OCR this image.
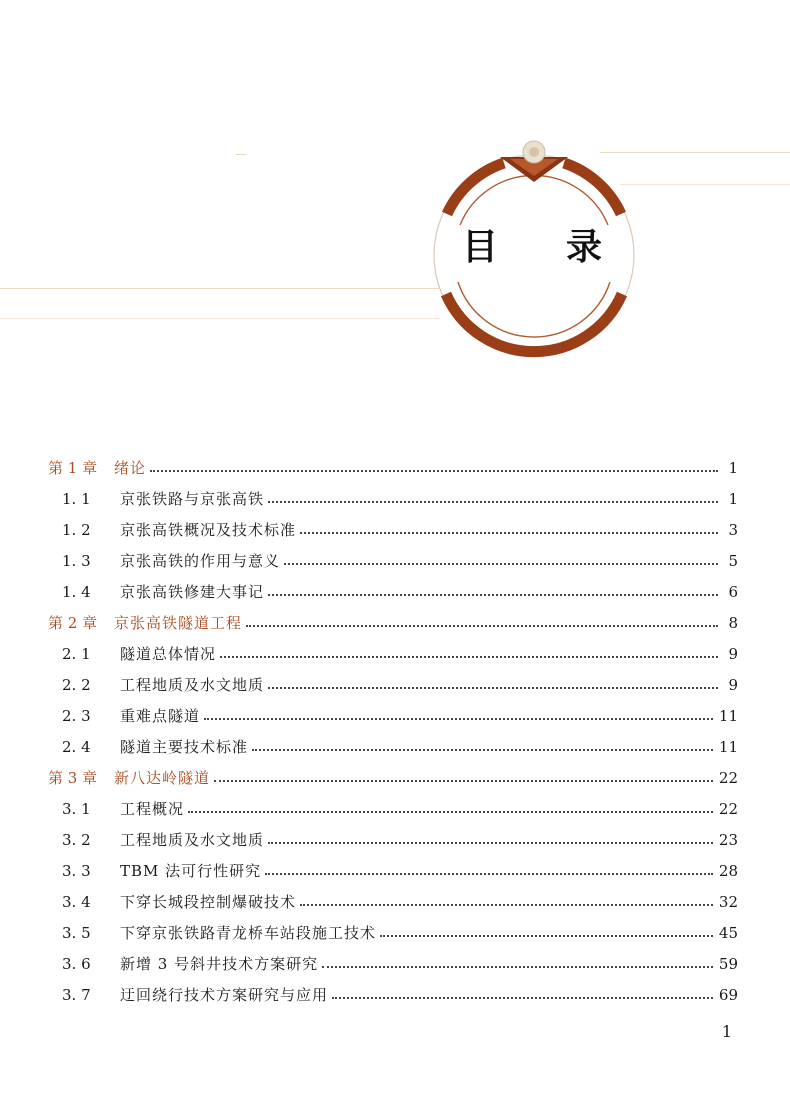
目 录
第 1 章	绪论	1
1. 1	京张铁路与京张高铁	1
1. 2	京张高铁概况及技术标准	3
1. 3	京张高铁的作用与意义	5
1. 4	京张高铁修建大事记	6
第 2 章	京张高铁隧道工程	8
2. 1	隧道总体情况	9
2. 2	工程地质及水文地质	9
2. 3	重难点隧道	11
2. 4	隧道主要技术标准	11
第 3 章	新八达岭隧道	22
3. 1	工程概况	22
3. 2	工程地质及水文地质	23
3. 3	TBM 法可行性研究	28
3. 4	下穿长城段控制爆破技术	32
3. 5	下穿京张铁路青龙桥车站段施工技术	45
3. 6	新增 3 号斜井技术方案研究	59
3. 7	迂回绕行技术方案研究与应用	69
1
